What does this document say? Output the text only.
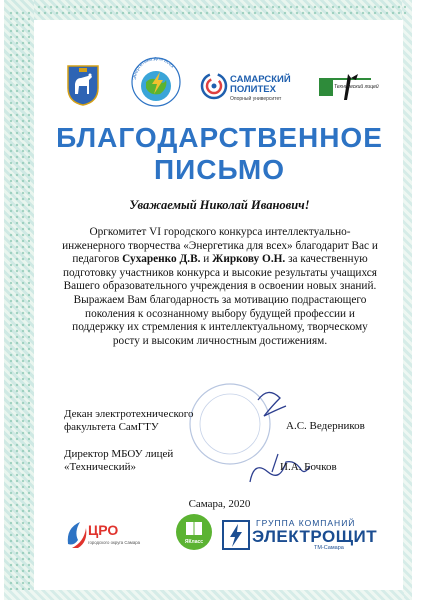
Энергетика для всех
САМАРСКИЙ
ПОЛИТЕХ
Опорный университет
Технический лицей
БЛАГОДАРСТВЕННОЕ
ПИСЬМО
Уважаемый Николай Иванович!

Оргкомитет VI городского конкурса интеллектуально-инженерного творчества «Энергетика для всех» благодарит Вас и педагогов Сухаренко Д.В. и Жиркову О.Н. за качественную подготовку участников конкурса и высокие результаты учащихся Вашего образовательного учреждения в освоении новых знаний.
Выражаем Вам благодарность за мотивацию подрастающего поколения к осознанному выбору будущей профессии и поддержку их стремления к интеллектуальному, творческому росту и высоким личностным достижениям.

Декан электротехнического факультета СамГТУ	А.С. Ведерников
Директор МБОУ лицей «Технический»	И.А. Бочков
Самара, 2020
ЦРО
городского округа Самара	ЯКласс
ГРУППА КОМПАНИЙ
ЭЛЕКТРОЩИТ
ТМ-Самара
